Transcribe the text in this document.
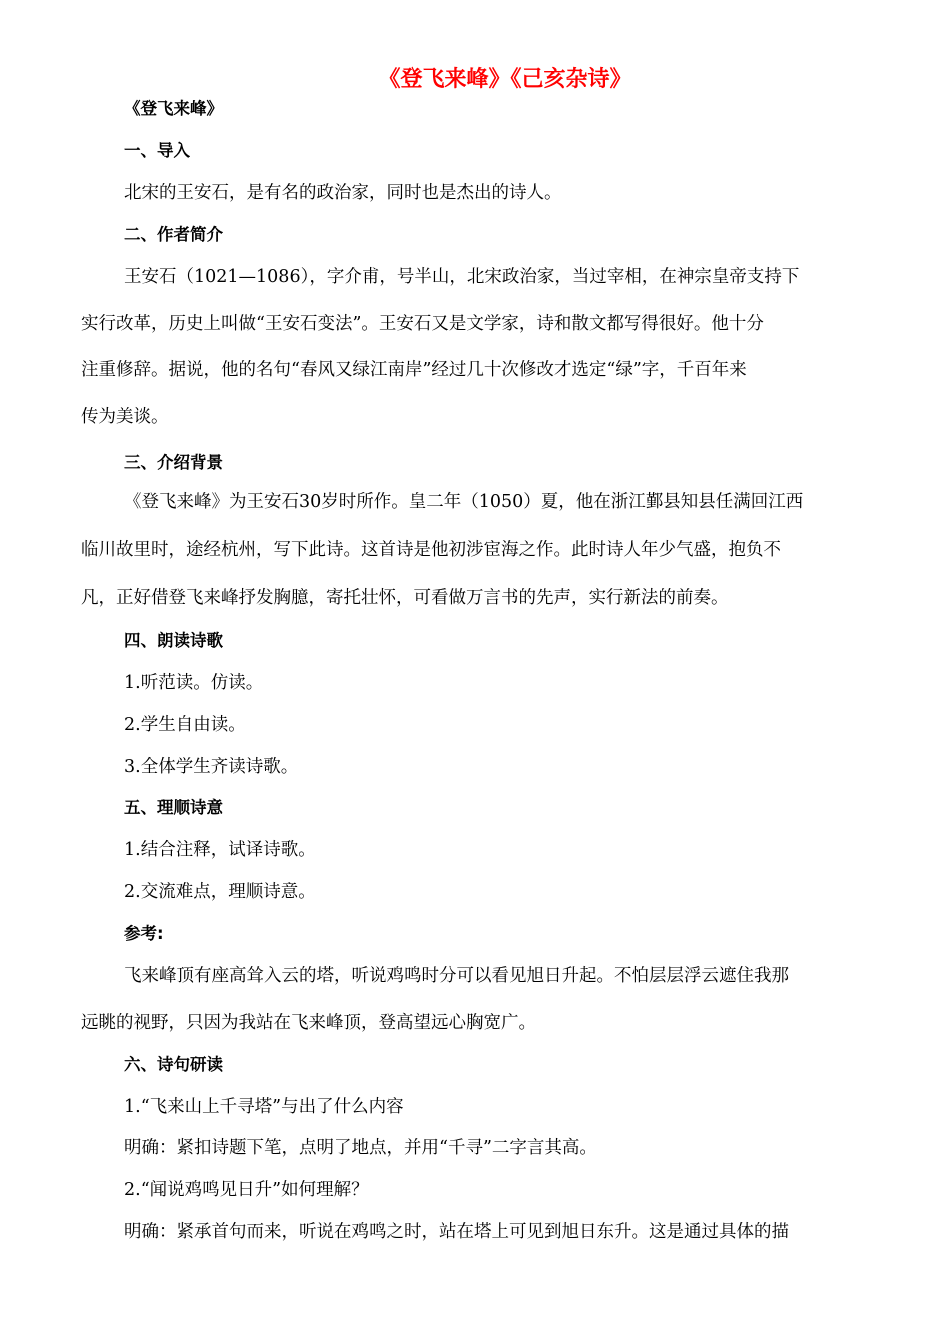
《登飞来峰》《己亥杂诗》

《登飞来峰》

一、导入

北宋的王安石，是有名的政治家，同时也是杰出的诗人。

二、作者简介

王安石（1021—1086），字介甫，号半山，北宋政治家，当过宰相，在神宗皇帝支持下

实行改革，历史上叫做“王安石变法”。王安石又是文学家，诗和散文都写得很好。他十分

注重修辞。据说，他的名句“春风又绿江南岸”经过几十次修改才选定“绿”字，千百年来

传为美谈。

三、介绍背景

《登飞来峰》为王安石30岁时所作。皇二年（1050）夏，他在浙江鄞县知县任满回江西

临川故里时，途经杭州，写下此诗。这首诗是他初涉宦海之作。此时诗人年少气盛，抱负不

凡，正好借登飞来峰抒发胸臆，寄托壮怀，可看做万言书的先声，实行新法的前奏。

四、朗读诗歌

1.听范读。仿读。

2.学生自由读。

3.全体学生齐读诗歌。

五、理顺诗意

1.结合注释，试译诗歌。

2.交流难点，理顺诗意。

参考:

飞来峰顶有座高耸入云的塔，听说鸡鸣时分可以看见旭日升起。不怕层层浮云遮住我那

远眺的视野，只因为我站在飞来峰顶，登高望远心胸宽广。

六、诗句研读

1.“飞来山上千寻塔”与出了什么内容

明确：紧扣诗题下笔，点明了地点，并用“千寻”二字言其高。

2.“闻说鸡鸣见日升”如何理解？

明确：紧承首句而来，听说在鸡鸣之时，站在塔上可见到旭日东升。这是通过具体的描
